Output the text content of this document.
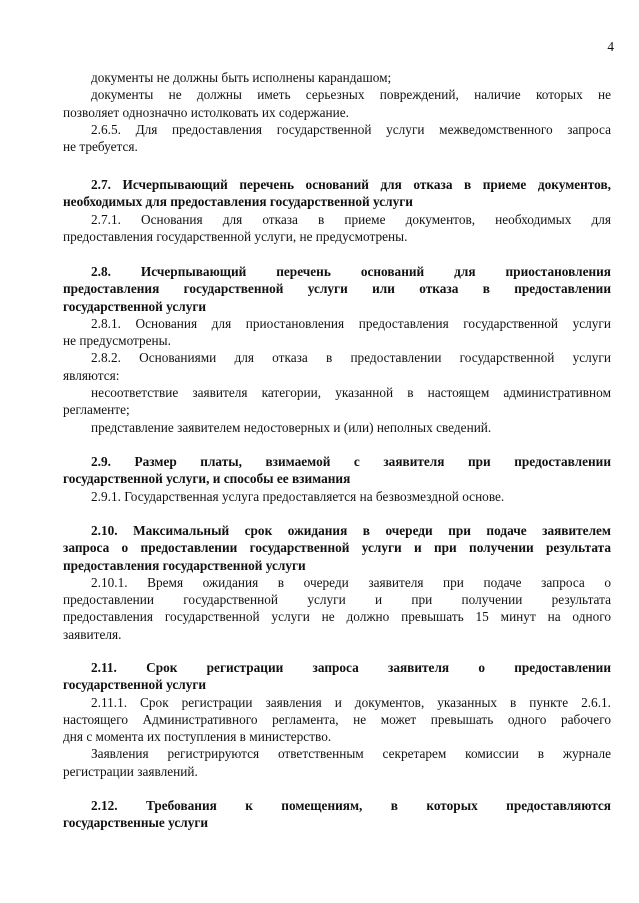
4

документы не должны быть исполнены карандашом;

документы не должны иметь серьезных повреждений, наличие которых не

позволяет однозначно истолковать их содержание.

2.6.5. Для предоставления государственной услуги межведомственного запроса

не требуется.

2.7. Исчерпывающий перечень оснований для отказа в приеме документов,

необходимых для предоставления государственной услуги

2.7.1. Основания для отказа в приеме документов, необходимых для

предоставления государственной услуги, не предусмотрены.

2.8. Исчерпывающий перечень оснований для приостановления

предоставления государственной услуги или отказа в предоставлении

государственной услуги

2.8.1. Основания для приостановления предоставления государственной услуги

не предусмотрены.

2.8.2. Основаниями для отказа в предоставлении государственной услуги

являются:

несоответствие заявителя категории, указанной в настоящем административном

регламенте;

представление заявителем недостоверных и (или) неполных сведений.

2.9. Размер платы, взимаемой с заявителя при предоставлении

государственной услуги, и способы ее взимания

2.9.1. Государственная услуга предоставляется на безвозмездной основе.

2.10. Максимальный срок ожидания в очереди при подаче заявителем

запроса о предоставлении государственной услуги и при получении результата

предоставления государственной услуги

2.10.1. Время ожидания в очереди заявителя при подаче запроса о

предоставлении государственной услуги и при получении результата

предоставления государственной услуги не должно превышать 15 минут на одного

заявителя.

2.11. Срок регистрации запроса заявителя о предоставлении

государственной услуги

2.11.1. Срок регистрации заявления и документов, указанных в пункте 2.6.1.

настоящего Административного регламента, не может превышать одного рабочего

дня с момента их поступления в министерство.

Заявления регистрируются ответственным секретарем комиссии в журнале

регистрации заявлений.

2.12. Требования к помещениям, в которых предоставляются

государственные услуги
